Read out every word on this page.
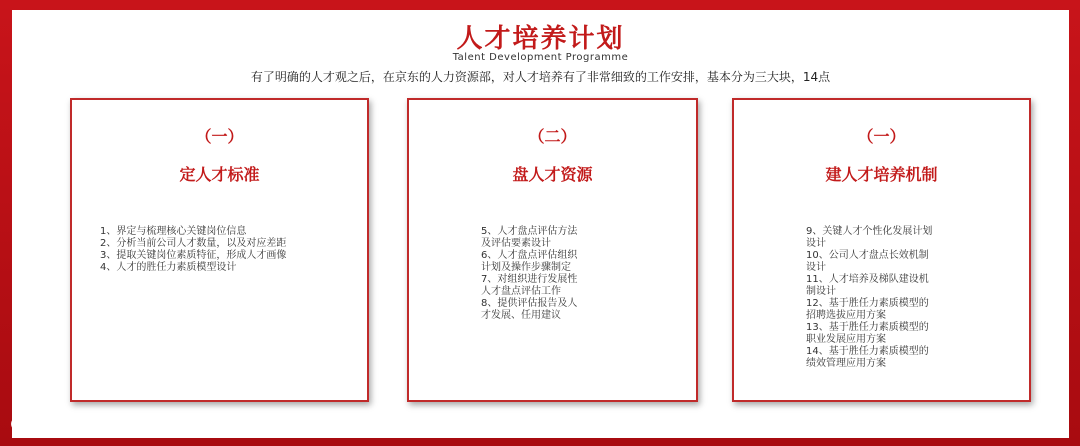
人才培养计划
Talent Development Programme
有了明确的人才观之后，在京东的人力资源部，对人才培养有了非常细致的工作安排，基本分为三大块，14点
（一）
定人才标准
1、界定与梳理核心关键岗位信息
2、分析当前公司人才数量，以及对应差距
3、提取关键岗位素质特征，形成人才画像
4、人才的胜任力素质模型设计
（二）
盘人才资源
5、人才盘点评估方法
及评估要素设计
6、人才盘点评估组织
计划及操作步骤制定
7、对组织进行发展性
人才盘点评估工作
8、提供评估报告及人
才发展、任用建议
（一）
建人才培养机制
9、关键人才个性化发展计划
设计
10、公司人才盘点长效机制
设计
11、人才培养及梯队建设机
制设计
12、基于胜任力素质模型的
招聘选拔应用方案
13、基于胜任力素质模型的
职业发展应用方案
14、基于胜任力素质模型的
绩效管理应用方案
大数跨境
